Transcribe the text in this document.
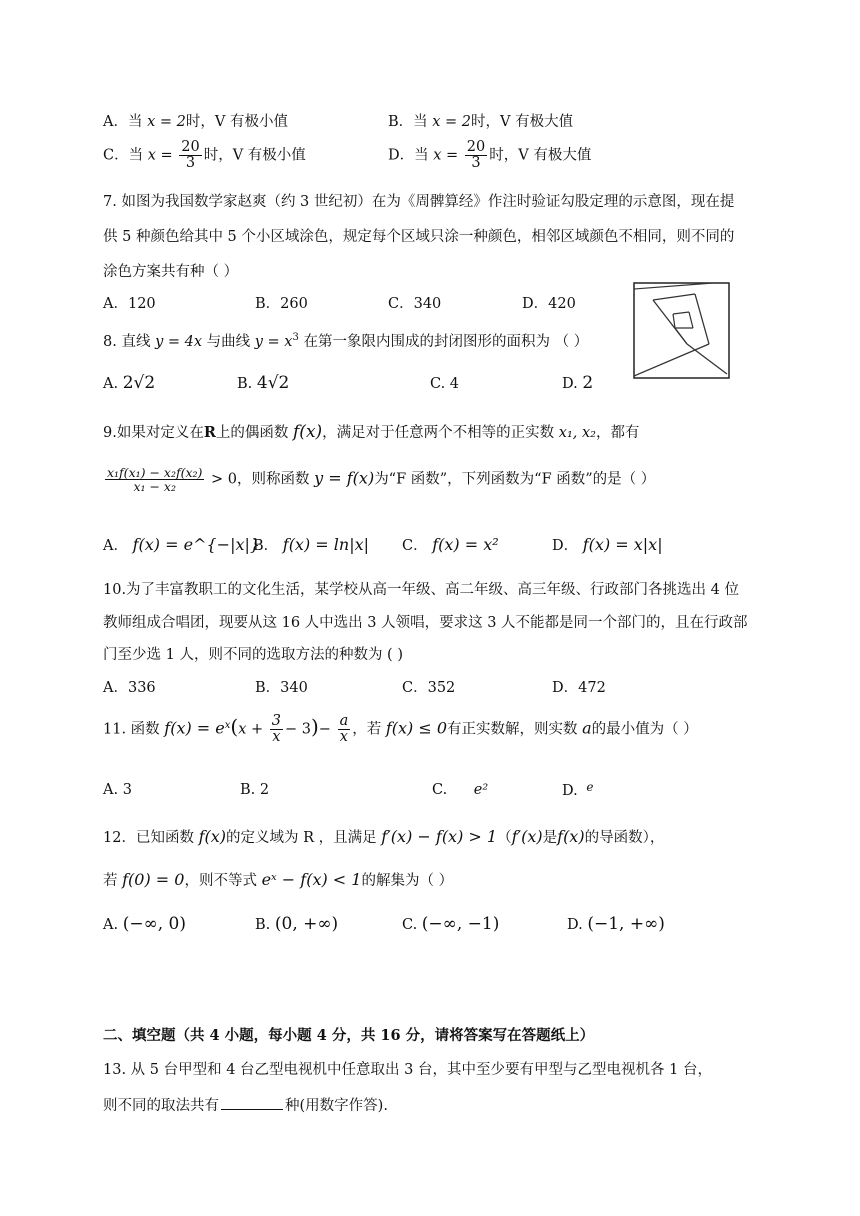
A．当 x = 2时，V 有极小值	B．当 x = 2时，V 有极大值
C．当 $x = \frac{20}{3}$ 时，V 有极小值	D．当 $x = \frac{20}{3}$ 时，V 有极大值
7. 如图为我国数学家赵爽（约 3 世纪初）在为《周髀算经》作注时验证勾股定理的示意图，现在提
供 5 种颜色给其中 5 个小区域涂色，规定每个区域只涂一种颜色，相邻区域颜色不相同，则不同的
涂色方案共有种（ ）
A．120	B．260	C．340	D．420
8. 直线 y = 4x 与曲线 $y = x^3$ 在第一象限内围成的封闭图形的面积为 （ ）
A. 2√2	B. 4√2	C. 4	D. 2
9.如果对定义在R上的偶函数 f(x)，满足对于任意两个不相等的正实数 x₁, x₂，都有
$\frac{\text{x₁f(x₁) − x₂f(x₂)}}{\text{x₁ − x₂}} > 0$，则称函数 y = f(x)为“F 函数”，下列函数为“F 函数”的是（ ）
A． f(x) = e^{−|x|}
B． f(x) = ln|x| C． f(x) = x²	D． f(x) = x|x|
10.为了丰富教职工的文化生活，某学校从高一年级、高二年级、高三年级、行政部门各挑选出 4 位
教师组成合唱团，现要从这 16 人中选出 3 人领唱，要求这 3 人不能都是同一个部门的，且在行政部
门至少选 1 人，则不同的选取方法的种数为 ( )
A．336	B．340	C．352	D．472
11. 函数 $f(x) = e^x(x + \frac{3}{x} - 3)- \frac{a}{x}$ ，若 f(x) ≤ 0有正实数解，则实数 a的最小值为（ ）
A. 3	B. 2	C. e²	D. $^e$
12．已知函数 f(x)的定义域为 R ，且满足 f′(x) − f(x) > 1（f′(x)是f(x)的导函数），
若 f(0) = 0，则不等式 eˣ − f(x) < 1的解集为（ ）
A. (−∞, 0)	B. (0, +∞)	C. (−∞, −1)	D. (−1, +∞)
二、填空题（共 4 小题，每小题 4 分，共 16 分，请将答案写在答题纸上）
13. 从 5 台甲型和 4 台乙型电视机中任意取出 3 台，其中至少要有甲型与乙型电视机各 1 台，
则不同的取法共有	种(用数字作答).
